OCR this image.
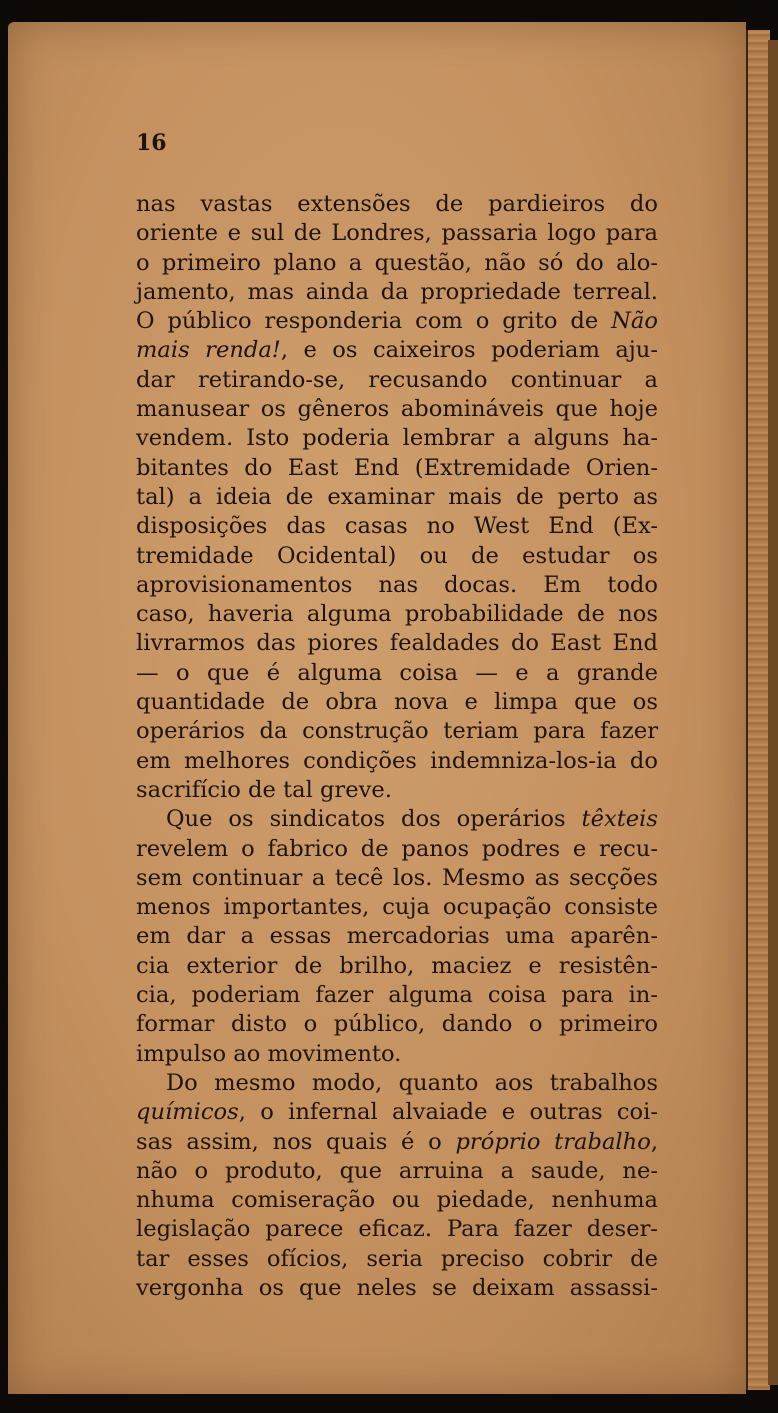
16

nas vastas extensões de pardieiros do
oriente e sul de Londres, passaria logo para
o primeiro plano a questão, não só do alo-
jamento, mas ainda da propriedade terreal.
O público responderia com o grito de Não
mais renda!, e os caixeiros poderiam aju-
dar retirando-se, recusando continuar a
manusear os gêneros abomináveis que hoje
vendem. Isto poderia lembrar a alguns ha-
bitantes do East End (Extremidade Orien-
tal) a ideia de examinar mais de perto as
disposições das casas no West End (Ex-
tremidade Ocidental) ou de estudar os
aprovisionamentos nas docas. Em todo
caso, haveria alguma probabilidade de nos
livrarmos das piores fealdades do East End
— o que é alguma coisa — e a grande
quantidade de obra nova e limpa que os
operários da construção teriam para fazer
em melhores condições indemniza-los-ia do
sacrifício de tal greve.
Que os sindicatos dos operários têxteis
revelem o fabrico de panos podres e recu-
sem continuar a tecê los. Mesmo as secções
menos importantes, cuja ocupação consiste
em dar a essas mercadorias uma aparên-
cia exterior de brilho, maciez e resistên-
cia, poderiam fazer alguma coisa para in-
formar disto o público, dando o primeiro
impulso ao movimento.
Do mesmo modo, quanto aos trabalhos
químicos, o infernal alvaiade e outras coi-
sas assim, nos quais é o próprio trabalho,
não o produto, que arruina a saude, ne-
nhuma comiseração ou piedade, nenhuma
legislação parece eficaz. Para fazer deser-
tar esses ofícios, seria preciso cobrir de
vergonha os que neles se deixam assassi-
